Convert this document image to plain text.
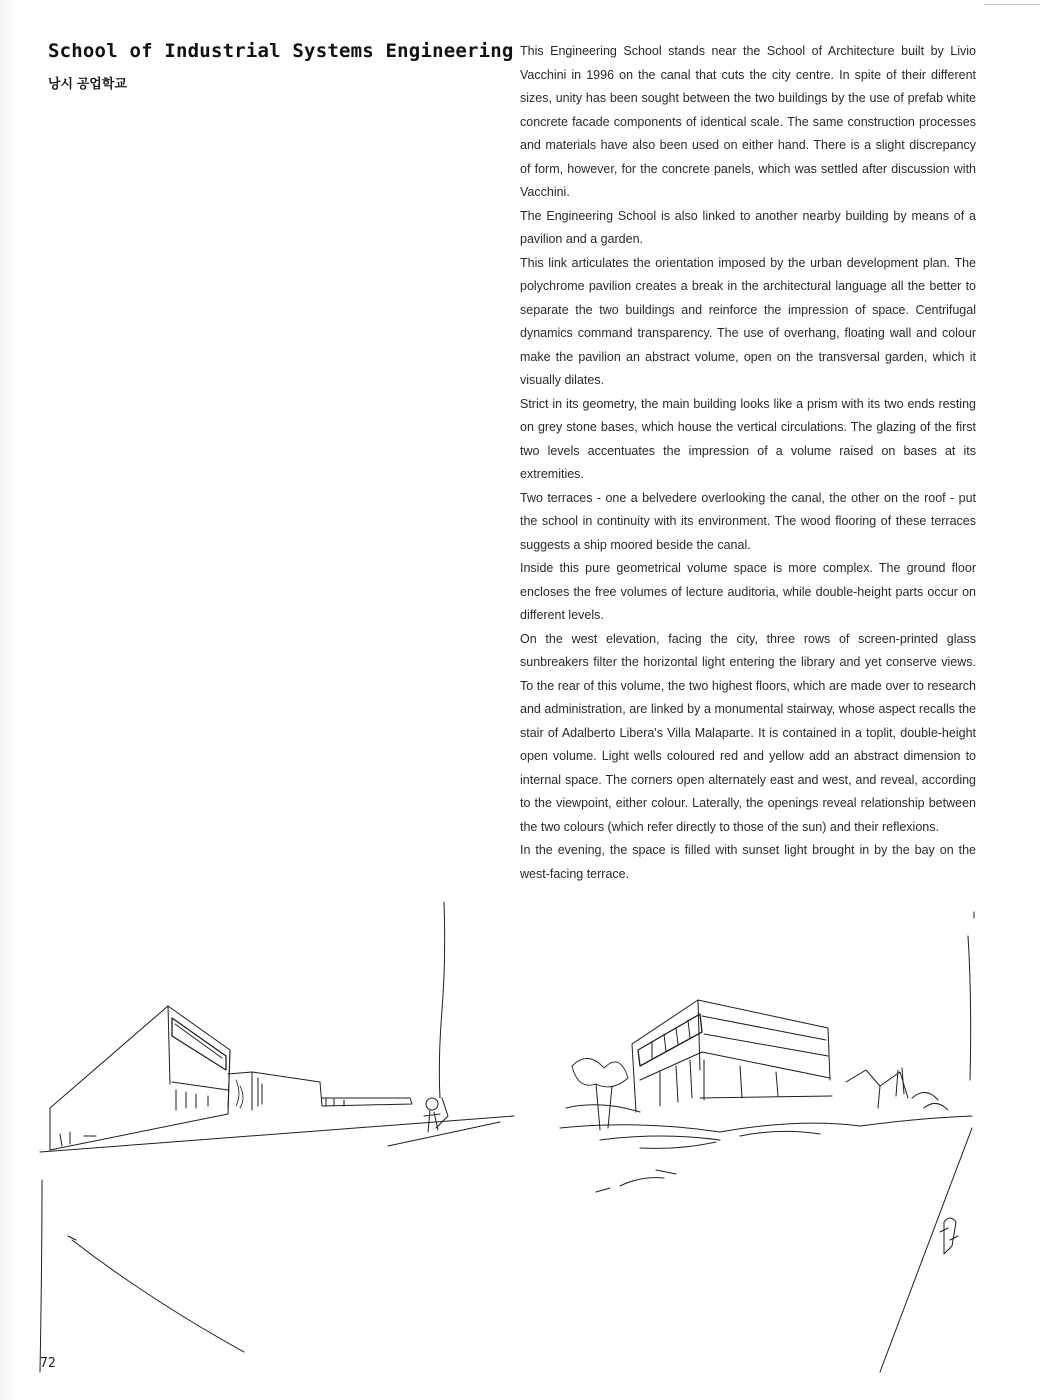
School of Industrial Systems Engineering
낭시 공업학교

This Engineering School stands near the School of Architecture built by Livio Vacchini in 1996 on the canal that cuts the city centre. In spite of their different sizes, unity has been sought between the two buildings by the use of prefab white concrete facade components of identical scale. The same construction processes and materials have also been used on either hand. There is a slight discrepancy of form, however, for the concrete panels, which was settled after discussion with Vacchini.

The Engineering School is also linked to another nearby building by means of a pavilion and a garden.

This link articulates the orientation imposed by the urban development plan. The polychrome pavilion creates a break in the architectural language all the better to separate the two buildings and reinforce the impression of space. Centrifugal dynamics command transparency. The use of overhang, floating wall and colour make the pavilion an abstract volume, open on the transversal garden, which it visually dilates.

Strict in its geometry, the main building looks like a prism with its two ends resting on grey stone bases, which house the vertical circulations. The glazing of the first two levels accentuates the impression of a volume raised on bases at its extremities.

Two terraces - one a belvedere overlooking the canal, the other on the roof - put the school in continuity with its environment. The wood flooring of these terraces suggests a ship moored beside the canal.

Inside this pure geometrical volume space is more complex. The ground floor encloses the free volumes of lecture auditoria, while double-height parts occur on different levels.

On the west elevation, facing the city, three rows of screen-printed glass sunbreakers filter the horizontal light entering the library and yet conserve views. To the rear of this volume, the two highest floors, which are made over to research and administration, are linked by a monumental stairway, whose aspect recalls the stair of Adalberto Libera's Villa Malaparte. It is contained in a toplit, double-height open volume. Light wells coloured red and yellow add an abstract dimension to internal space. The corners open alternately east and west, and reveal, according to the viewpoint, either colour. Laterally, the openings reveal relationship between the two colours (which refer directly to those of the sun) and their reflexions.

In the evening, the space is filled with sunset light brought in by the bay on the west-facing terrace.

72
